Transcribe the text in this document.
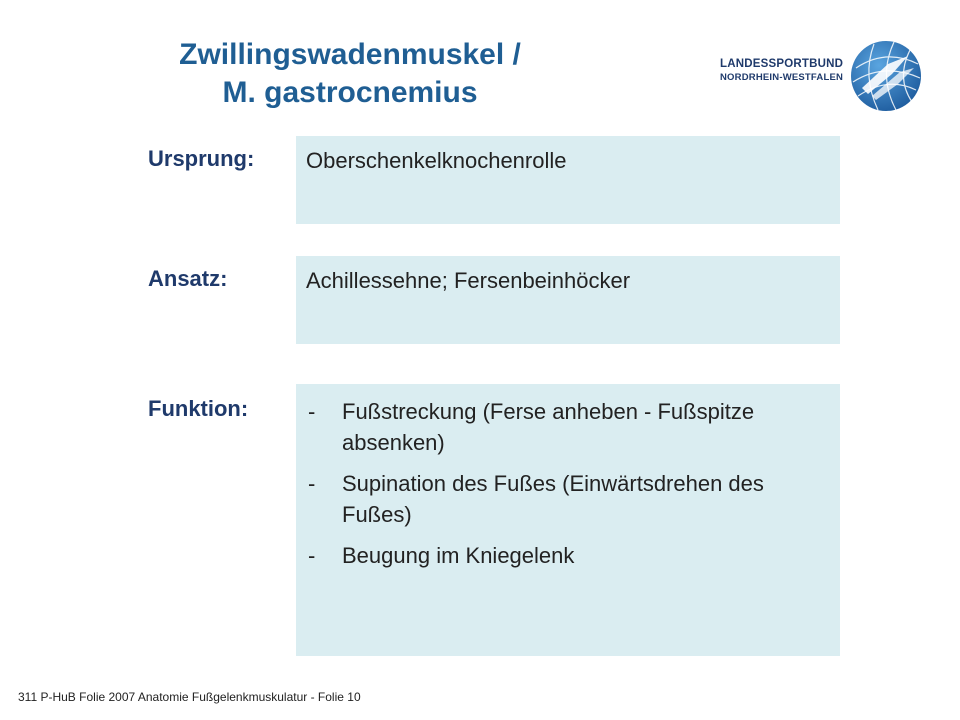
Zwillingswadenmuskel /
M. gastrocnemius
LANDESSPORTBUND
NORDRHEIN-WESTFALEN
Ursprung: Oberschenkelknochenrolle
Ansatz:	Achillessehne; Fersenbeinhöcker
Funktion:	- Fußstreckung (Ferse anheben - Fußspitze absenken)
- Supination des Fußes (Einwärtsdrehen des Fußes)
- Beugung im Kniegelenk
311 P-HuB Folie 2007 Anatomie Fußgelenkmuskulatur - Folie 10
